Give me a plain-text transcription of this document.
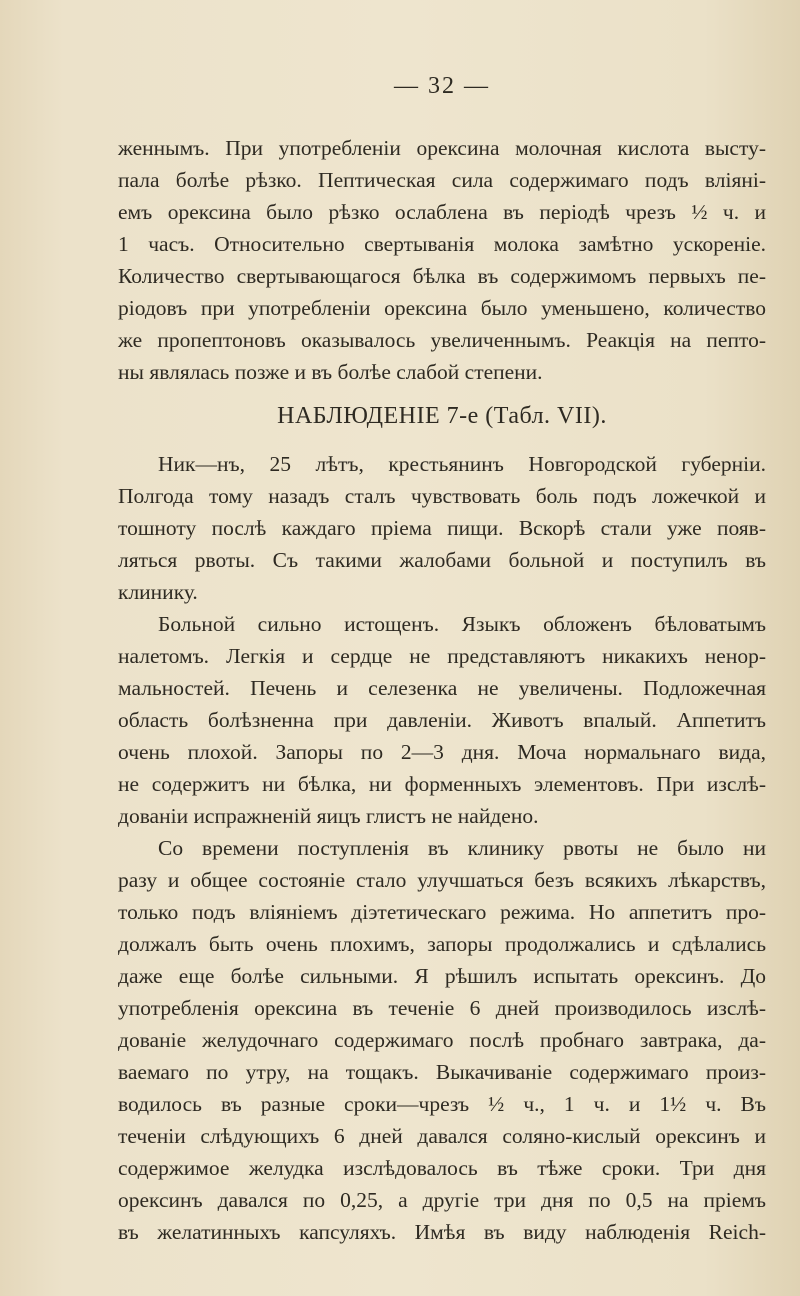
— 32 —
женнымъ. При употребленіи орексина молочная кислота высту-
пала болѣе рѣзко. Пептическая сила содержимаго подъ вліяні-
емъ орексина было рѣзко ослаблена въ періодѣ чрезъ ½ ч. и
1 часъ. Относительно свертыванія молока замѣтно ускореніе.
Количество свертывающагося бѣлка въ содержимомъ первыхъ пе-
ріодовъ при употребленіи орексина было уменьшено, количество
же пропептоновъ оказывалось увеличеннымъ. Реакція на пепто-
ны являлась позже и въ болѣе слабой степени.
НАБЛЮДЕНІЕ 7-е (Табл. VII).
Ник—нъ, 25 лѣтъ, крестьянинъ Новгородской губерніи.
Полгода тому назадъ сталъ чувствовать боль подъ ложечкой и
тошноту послѣ каждаго пріема пищи. Вскорѣ стали уже появ-
ляться рвоты. Съ такими жалобами больной и поступилъ въ
клинику.
Больной сильно истощенъ. Языкъ обложенъ бѣловатымъ
налетомъ. Легкія и сердце не представляютъ никакихъ ненор-
мальностей. Печень и селезенка не увеличены. Подложечная
область болѣзненна при давленіи. Животъ впалый. Аппетитъ
очень плохой. Запоры по 2—3 дня. Моча нормальнаго вида,
не содержитъ ни бѣлка, ни форменныхъ элементовъ. При изслѣ-
дованіи испражненій яицъ глистъ не найдено.
Со времени поступленія въ клинику рвоты не было ни
разу и общее состояніе стало улучшаться безъ всякихъ лѣкарствъ,
только подъ вліяніемъ діэтетическаго режима. Но аппетитъ про-
должалъ быть очень плохимъ, запоры продолжались и сдѣлались
даже еще болѣе сильными. Я рѣшилъ испытать орексинъ. До
употребленія орексина въ теченіе 6 дней производилось изслѣ-
дованіе желудочнаго содержимаго послѣ пробнаго завтрака, да-
ваемаго по утру, на тощакъ. Выкачиваніе содержимаго произ-
водилось въ разные сроки—чрезъ ½ ч., 1 ч. и 1½ ч. Въ
теченіи слѣдующихъ 6 дней давался соляно-кислый орексинъ и
содержимое желудка изслѣдовалось въ тѣже сроки. Три дня
орексинъ давался по 0,25, а другіе три дня по 0,5 на пріемъ
въ желатинныхъ капсуляхъ. Имѣя въ виду наблюденія Reich-
